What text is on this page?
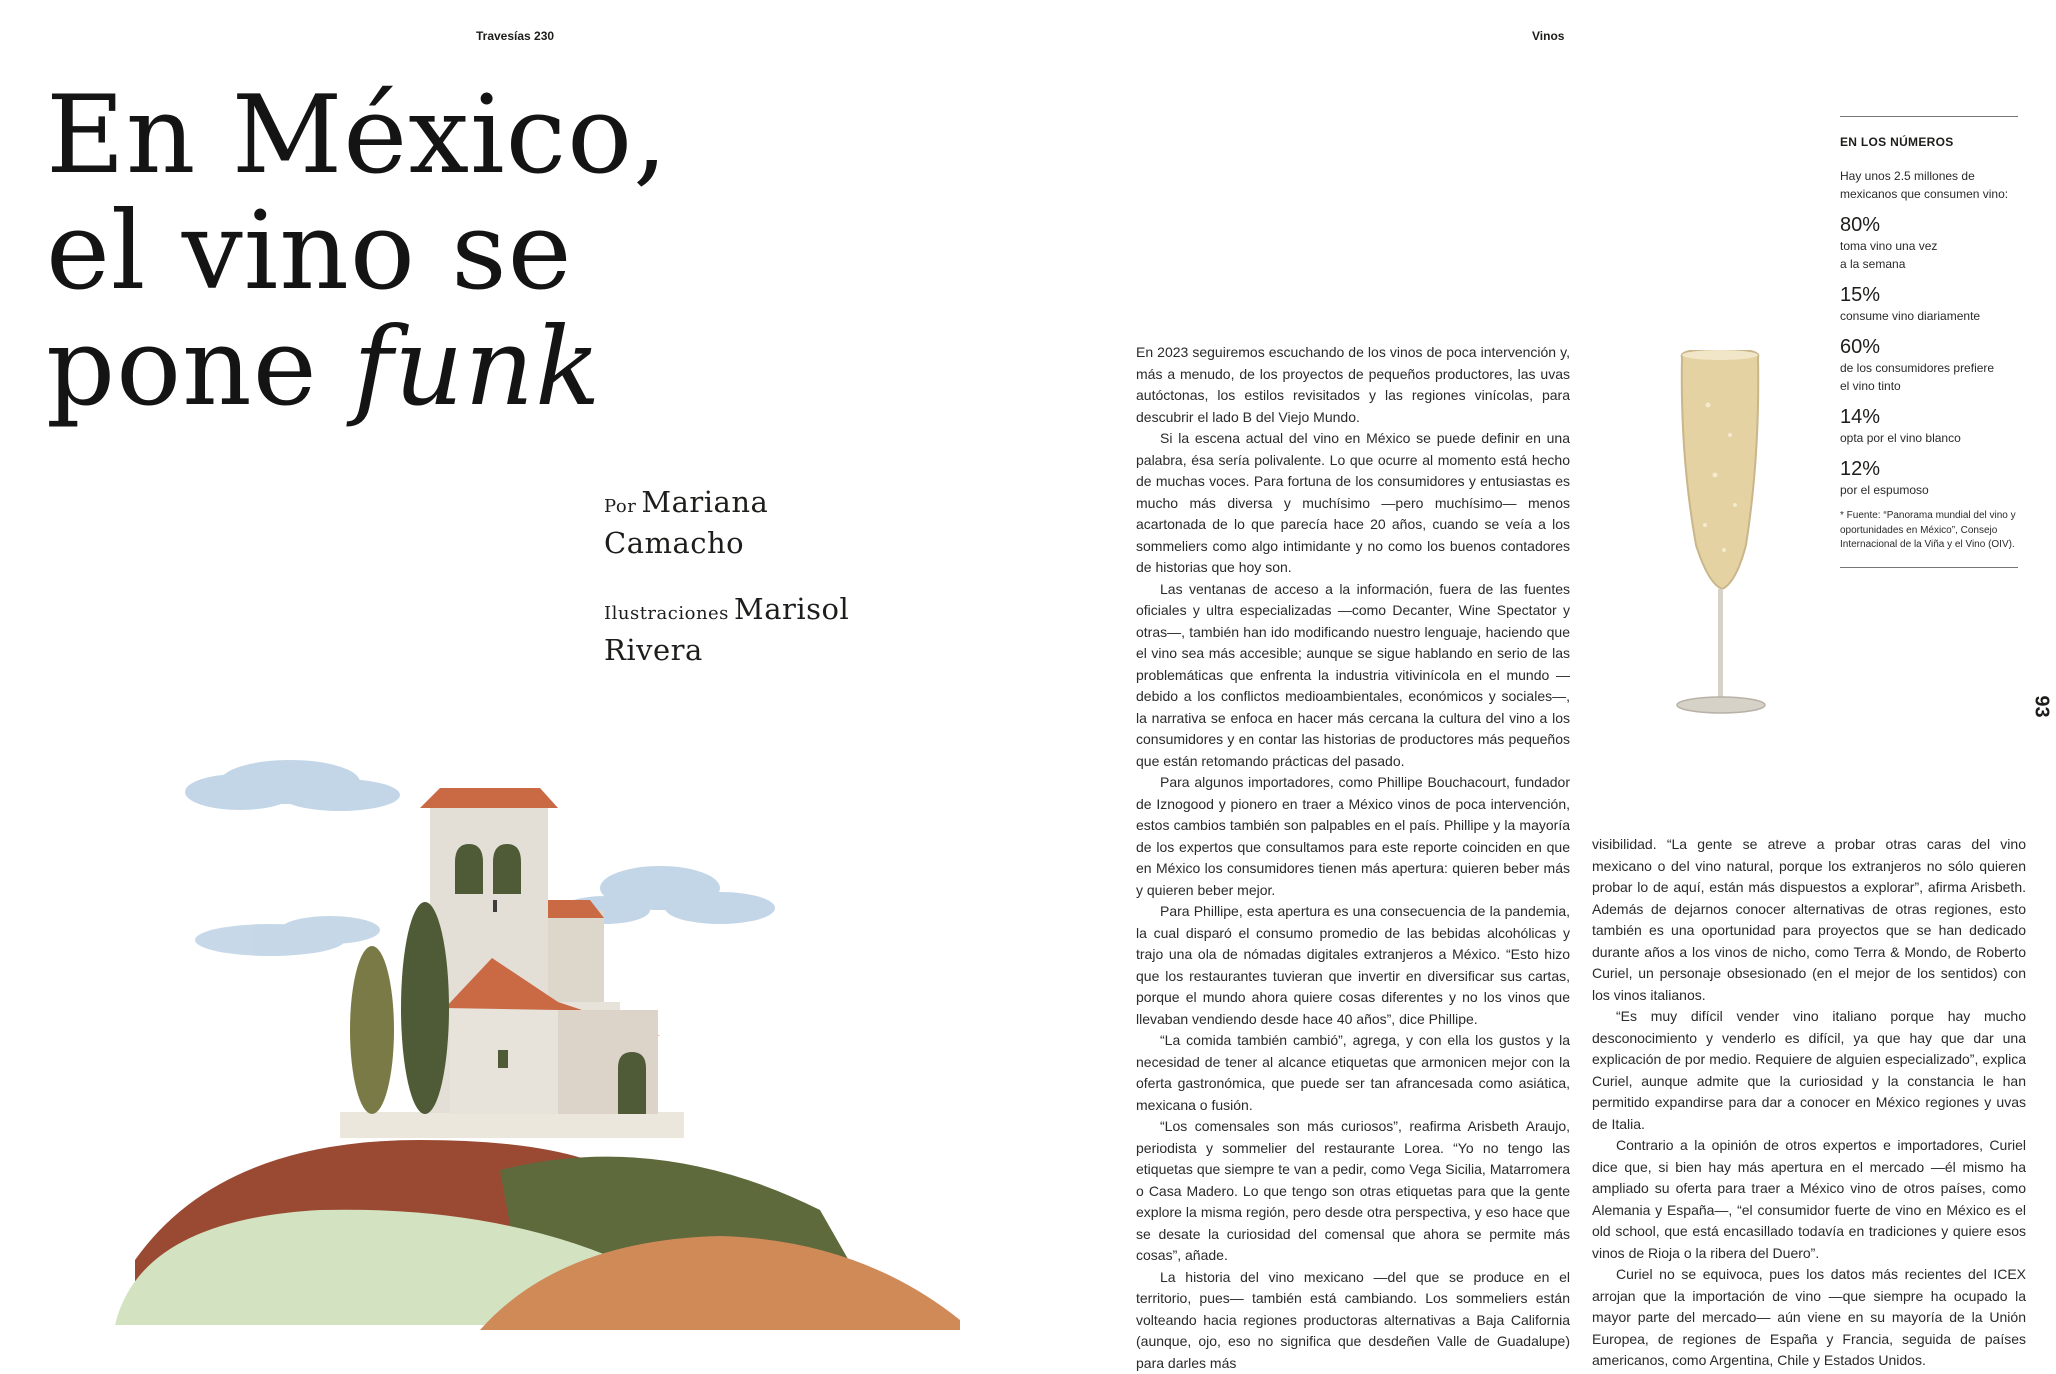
Travesías 230	Vinos
En México,
el vino se
pone funk
Por Mariana
Camacho
Ilustraciones Marisol
Rivera

En 2023 seguiremos escuchando de los vinos de poca intervención y, más a menudo, de los proyectos de pequeños productores, las uvas autóctonas, los estilos revisitados y las regiones vinícolas, para descubrir el lado B del Viejo Mundo.

Si la escena actual del vino en México se puede definir en una palabra, ésa sería polivalente. Lo que ocurre al momento está hecho de muchas voces. Para fortuna de los consumidores y entusiastas es mucho más diversa y muchísimo —pero muchísimo— menos acartonada de lo que parecía hace 20 años, cuando se veía a los sommeliers como algo intimidante y no como los buenos contadores de historias que hoy son.

Las ventanas de acceso a la información, fuera de las fuentes oficiales y ultra especializadas —como Decanter, Wine Spectator y otras—, también han ido modificando nuestro lenguaje, haciendo que el vino sea más accesible; aunque se sigue hablando en serio de las problemáticas que enfrenta la industria vitivinícola en el mundo —debido a los conflictos medioambientales, económicos y sociales—, la narrativa se enfoca en hacer más cercana la cultura del vino a los consumidores y en contar las historias de productores más pequeños que están retomando prácticas del pasado.

Para algunos importadores, como Phillipe Bouchacourt, fundador de Iznogood y pionero en traer a México vinos de poca intervención, estos cambios también son palpables en el país. Phillipe y la mayoría de los expertos que consultamos para este reporte coinciden en que en México los consumidores tienen más apertura: quieren beber más y quieren beber mejor.

Para Phillipe, esta apertura es una consecuencia de la pandemia, la cual disparó el consumo promedio de las bebidas alcohólicas y trajo una ola de nómadas digitales extranjeros a México. “Esto hizo que los restaurantes tuvieran que invertir en diversificar sus cartas, porque el mundo ahora quiere cosas diferentes y no los vinos que llevaban vendiendo desde hace 40 años”, dice Phillipe.

“La comida también cambió”, agrega, y con ella los gustos y la necesidad de tener al alcance etiquetas que armonicen mejor con la oferta gastronómica, que puede ser tan afrancesada como asiática, mexicana o fusión.

“Los comensales son más curiosos”, reafirma Arisbeth Araujo, periodista y sommelier del restaurante Lorea. “Yo no tengo las etiquetas que siempre te van a pedir, como Vega Sicilia, Matarromera o Casa Madero. Lo que tengo son otras etiquetas para que la gente explore la misma región, pero desde otra perspectiva, y eso hace que se desate la curiosidad del comensal que ahora se permite más cosas”, añade.

La historia del vino mexicano —del que se produce en el territorio, pues— también está cambiando. Los sommeliers están volteando hacia regiones productoras alternativas a Baja California (aunque, ojo, eso no significa que desdeñen Valle de Guadalupe) para darles más

visibilidad. “La gente se atreve a probar otras caras del vino mexicano o del vino natural, porque los extranjeros no sólo quieren probar lo de aquí, están más dispuestos a explorar”, afirma Arisbeth. Además de dejarnos conocer alternativas de otras regiones, esto también es una oportunidad para proyectos que se han dedicado durante años a los vinos de nicho, como Terra & Mondo, de Roberto Curiel, un personaje obsesionado (en el mejor de los sentidos) con los vinos italianos.

“Es muy difícil vender vino italiano porque hay mucho desconocimiento y venderlo es difícil, ya que hay que dar una explicación de por medio. Requiere de alguien especializado”, explica Curiel, aunque admite que la curiosidad y la constancia le han permitido expandirse para dar a conocer en México regiones y uvas de Italia.

Contrario a la opinión de otros expertos e importadores, Curiel dice que, si bien hay más apertura en el mercado —él mismo ha ampliado su oferta para traer a México vino de otros países, como Alemania y España—, “el consumidor fuerte de vino en México es el old school, que está encasillado todavía en tradiciones y quiere esos vinos de Rioja o la ribera del Duero”.

Curiel no se equivoca, pues los datos más recientes del ICEX arrojan que la importación de vino —que siempre ha ocupado la mayor parte del mercado— aún viene en su mayoría de la Unión Europea, de regiones de España y Francia, seguida de países americanos, como Argentina, Chile y Estados Unidos.

EN LOS NÚMEROS
Hay unos 2.5 millones de mexicanos que consumen vino:
80%
toma vino una vez a la semana
15%
consume vino diariamente
60%
de los consumidores prefiere el vino tinto
14%
opta por el vino blanco
12%
por el espumoso
* Fuente: “Panorama mundial del vino y oportunidades en México”, Consejo Internacional de la Viña y el Vino (OIV).
93
